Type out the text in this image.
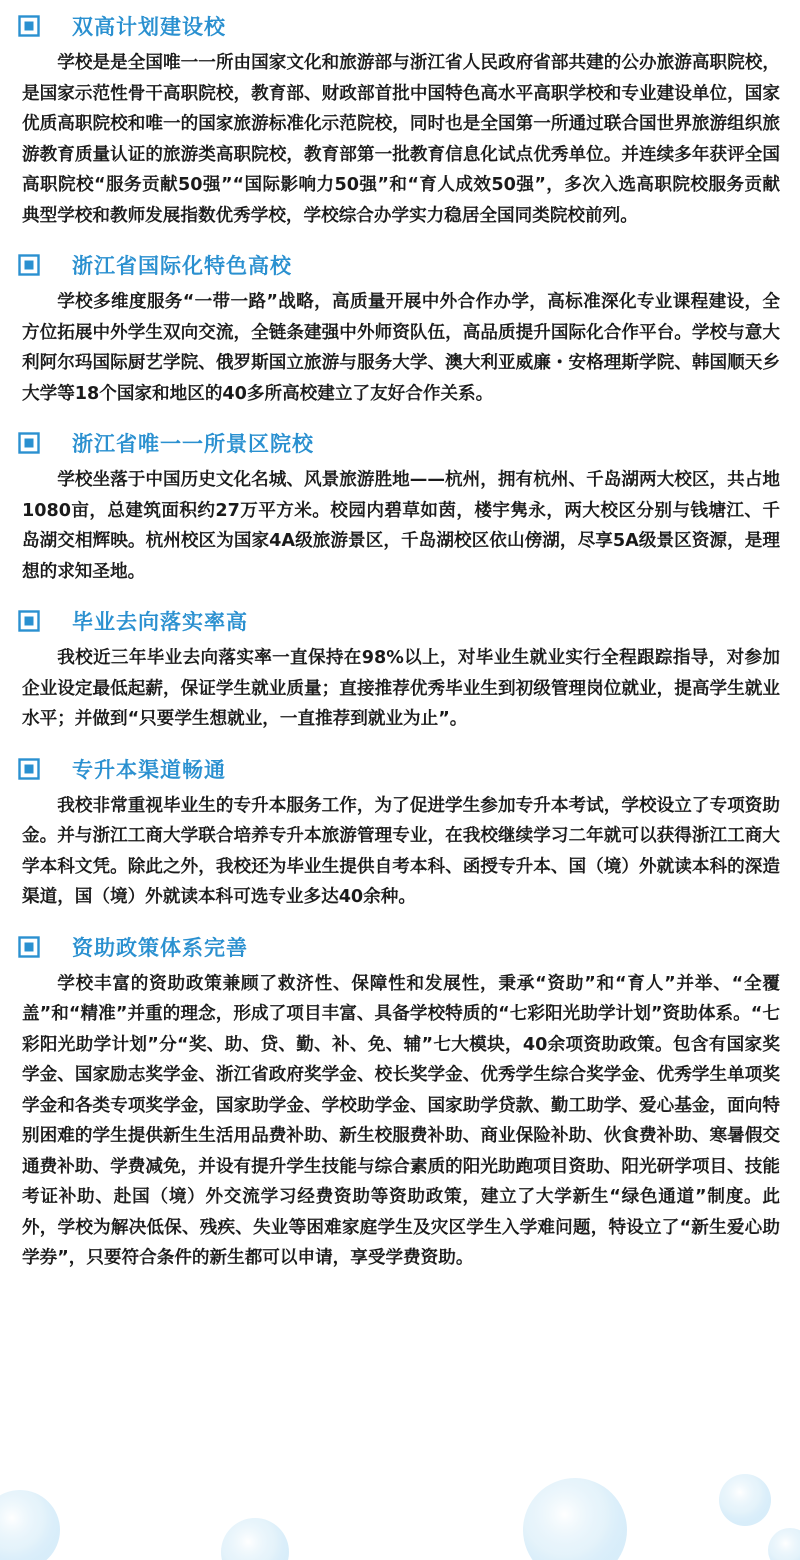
双高计划建设校

学校是是全国唯一一所由国家文化和旅游部与浙江省人民政府省部共建的公办旅游高职院校，是国家示范性骨干高职院校，教育部、财政部首批中国特色高水平高职学校和专业建设单位，国家优质高职院校和唯一的国家旅游标准化示范院校，同时也是全国第一所通过联合国世界旅游组织旅游教育质量认证的旅游类高职院校，教育部第一批教育信息化试点优秀单位。并连续多年获评全国高职院校“服务贡献50强”“国际影响力50强”和“育人成效50强”，多次入选高职院校服务贡献典型学校和教师发展指数优秀学校，学校综合办学实力稳居全国同类院校前列。

浙江省国际化特色高校

学校多维度服务“一带一路”战略，高质量开展中外合作办学，高标准深化专业课程建设，全方位拓展中外学生双向交流，全链条建强中外师资队伍，高品质提升国际化合作平台。学校与意大利阿尔玛国际厨艺学院、俄罗斯国立旅游与服务大学、澳大利亚威廉・安格理斯学院、韩国顺天乡大学等18个国家和地区的40多所高校建立了友好合作关系。

浙江省唯一一所景区院校

学校坐落于中国历史文化名城、风景旅游胜地——杭州，拥有杭州、千岛湖两大校区，共占地1080亩，总建筑面积约27万平方米。校园内碧草如茵，楼宇隽永，两大校区分别与钱塘江、千岛湖交相辉映。杭州校区为国家4A级旅游景区，千岛湖校区依山傍湖，尽享5A级景区资源，是理想的求知圣地。

毕业去向落实率高

我校近三年毕业去向落实率一直保持在98%以上，对毕业生就业实行全程跟踪指导，对参加企业设定最低起薪，保证学生就业质量；直接推荐优秀毕业生到初级管理岗位就业，提高学生就业水平；并做到“只要学生想就业，一直推荐到就业为止”。

专升本渠道畅通

我校非常重视毕业生的专升本服务工作，为了促进学生参加专升本考试，学校设立了专项资助金。并与浙江工商大学联合培养专升本旅游管理专业，在我校继续学习二年就可以获得浙江工商大学本科文凭。除此之外，我校还为毕业生提供自考本科、函授专升本、国（境）外就读本科的深造渠道，国（境）外就读本科可选专业多达40余种。

资助政策体系完善

学校丰富的资助政策兼顾了救济性、保障性和发展性，秉承“资助”和“育人”并举、“全覆盖”和“精准”并重的理念，形成了项目丰富、具备学校特质的“七彩阳光助学计划”资助体系。“七彩阳光助学计划”分“奖、助、贷、勤、补、免、辅”七大模块，40余项资助政策。包含有国家奖学金、国家励志奖学金、浙江省政府奖学金、校长奖学金、优秀学生综合奖学金、优秀学生单项奖学金和各类专项奖学金，国家助学金、学校助学金、国家助学贷款、勤工助学、爱心基金，面向特别困难的学生提供新生生活用品费补助、新生校服费补助、商业保险补助、伙食费补助、寒暑假交通费补助、学费减免，并设有提升学生技能与综合素质的阳光助跑项目资助、阳光研学项目、技能考证补助、赴国（境）外交流学习经费资助等资助政策，建立了大学新生“绿色通道”制度。此外，学校为解决低保、残疾、失业等困难家庭学生及灾区学生入学难问题，特设立了“新生爱心助学券”，只要符合条件的新生都可以申请，享受学费资助。
